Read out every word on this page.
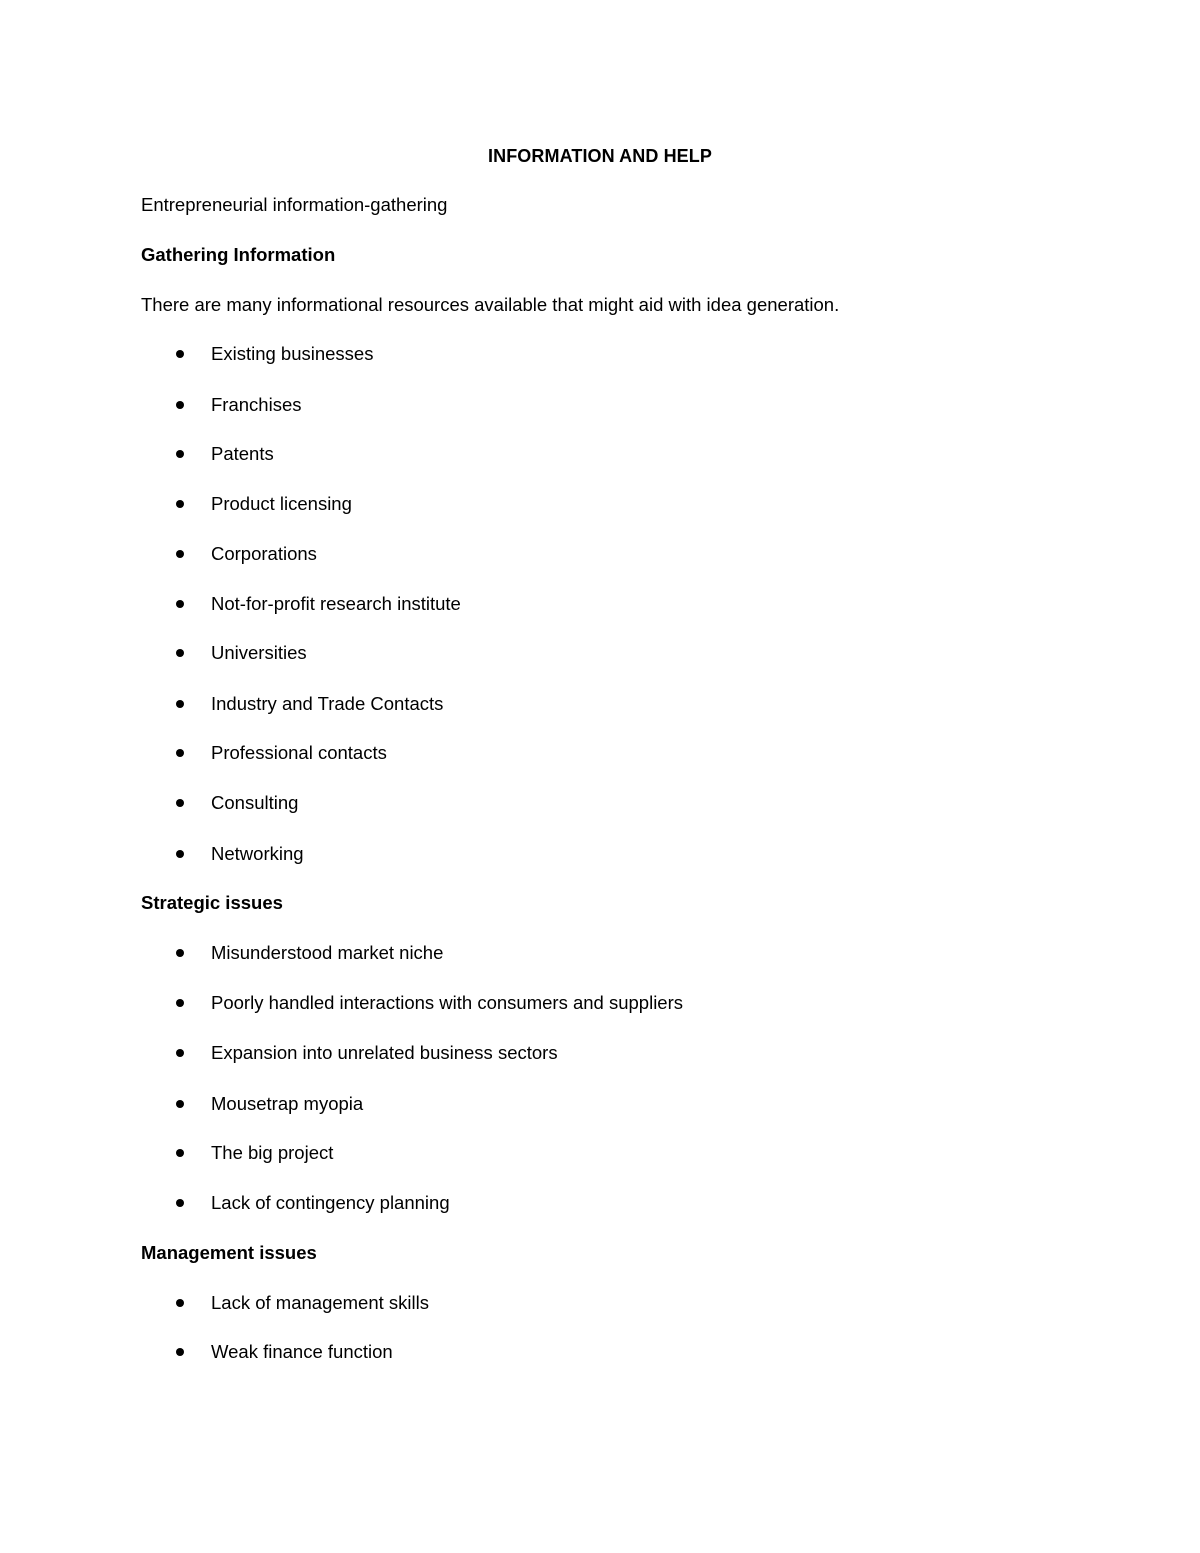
INFORMATION AND HELP
Entrepreneurial information-gathering
Gathering Information
There are many informational resources available that might aid with idea generation.
Existing businesses
Franchises
Patents
Product licensing
Corporations
Not-for-profit research institute
Universities
Industry and Trade Contacts
Professional contacts
Consulting
Networking
Strategic issues
Misunderstood market niche
Poorly handled interactions with consumers and suppliers
Expansion into unrelated business sectors
Mousetrap myopia
The big project
Lack of contingency planning
Management issues
Lack of management skills
Weak finance function
